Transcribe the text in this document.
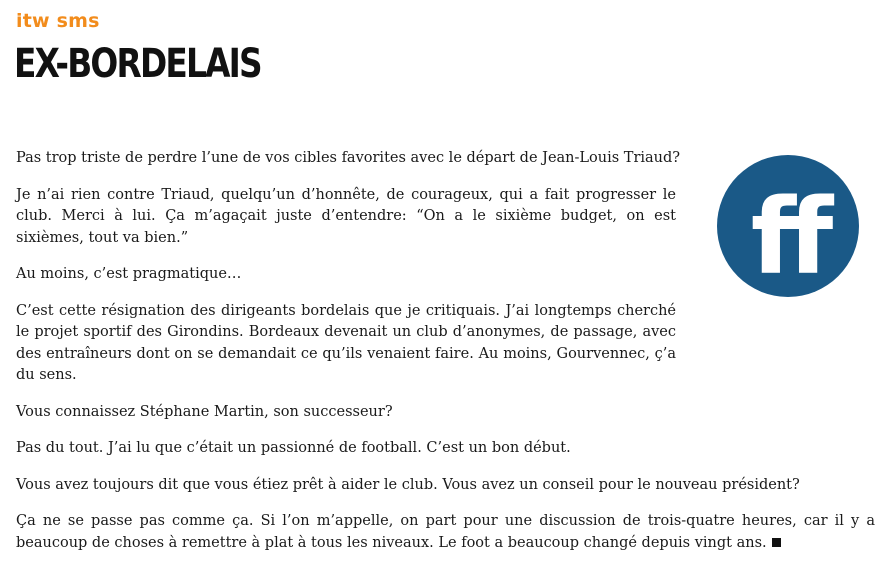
itw sms
EX-BORDELAIS
ff

Pas trop triste de perdre l’une de vos cibles favorites avec le départ de Jean-Louis Triaud?

Je n’ai rien contre Triaud, quelqu’un d’honnête, de courageux, qui a fait progresser le club. Merci à lui. Ça m’agaçait juste d’entendre: “On a le sixième budget, on est sixièmes, tout va bien.”

Au moins, c’est pragmatique…

C’est cette résignation des dirigeants bordelais que je critiquais. J’ai longtemps cherché le projet sportif des Girondins. Bordeaux devenait un club d’anonymes, de passage, avec des entraîneurs dont on se demandait ce qu’ils venaient faire. Au moins, Gourvennec, ç’a du sens.

Vous connaissez Stéphane Martin, son successeur?

Pas du tout. J’ai lu que c’était un passionné de football. C’est un bon début.

Vous avez toujours dit que vous étiez prêt à aider le club. Vous avez un conseil pour le nouveau président?

Ça ne se passe pas comme ça. Si l’on m’appelle, on part pour une discussion de trois-quatre heures, car il y a beaucoup de choses à remettre à plat à tous les niveaux. Le foot a beaucoup changé depuis vingt ans.
